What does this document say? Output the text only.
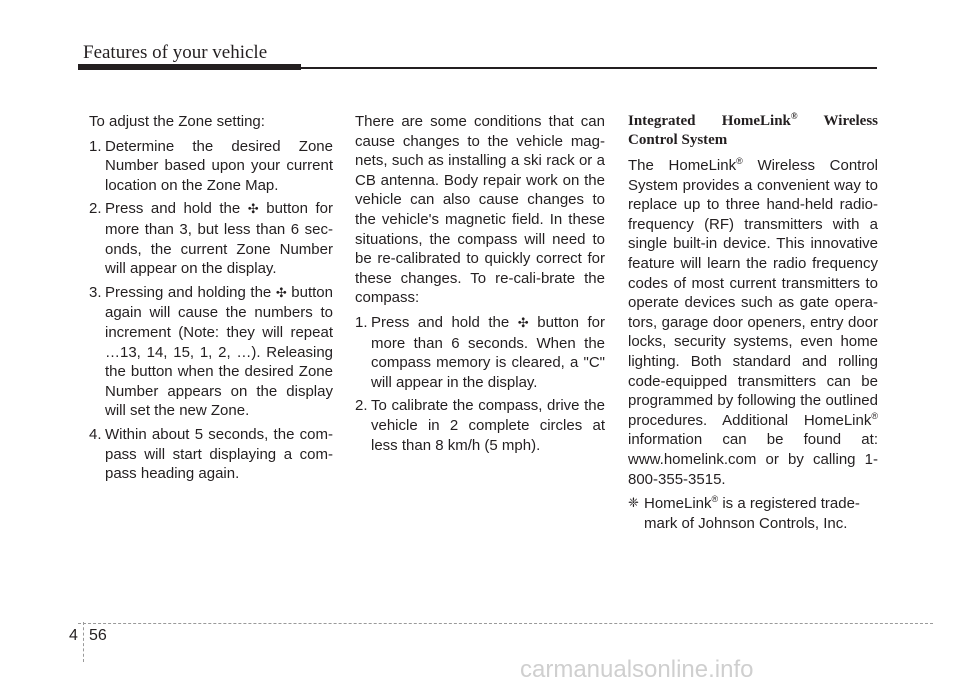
Features of your vehicle

To adjust the Zone setting:

1. Determine the desired Zone Number based upon your current location on the Zone Map.
2. Press and hold the ✣ button for more than 3, but less than 6 sec-onds, the current Zone Number will appear on the display.
3. Pressing and holding the ✣ button again will cause the numbers to increment (Note: they will repeat …13, 14, 15, 1, 2, …). Releasing the button when the desired Zone Number appears on the display will set the new Zone.
4. Within about 5 seconds, the com-pass will start displaying a com-pass heading again.

There are some conditions that can cause changes to the vehicle mag-nets, such as installing a ski rack or a CB antenna. Body repair work on the vehicle can also cause changes to the vehicle's magnetic field. In these situations, the compass will need to be re-calibrated to quickly correct for these changes. To re-cali-brate the compass:

1. Press and hold the ✣ button for more than 6 seconds. When the compass memory is cleared, a "C" will appear in the display.
2. To calibrate the compass, drive the vehicle in 2 complete circles at less than 8 km/h (5 mph).
Integrated HomeLink® Wireless Control System

The HomeLink® Wireless Control System provides a convenient way to replace up to three hand-held radio-frequency (RF) transmitters with a single built-in device. This innovative feature will learn the radio frequency codes of most current transmitters to operate devices such as gate opera-tors, garage door openers, entry door locks, security systems, even home lighting. Both standard and rolling code-equipped transmitters can be programmed by following the outlined procedures. Additional HomeLink® information can be found at: www.homelink.com or by calling 1-800-355-3515.

❈ HomeLink® is a registered trade-mark of Johnson Controls, Inc.
4 56
carmanualsonline.info
